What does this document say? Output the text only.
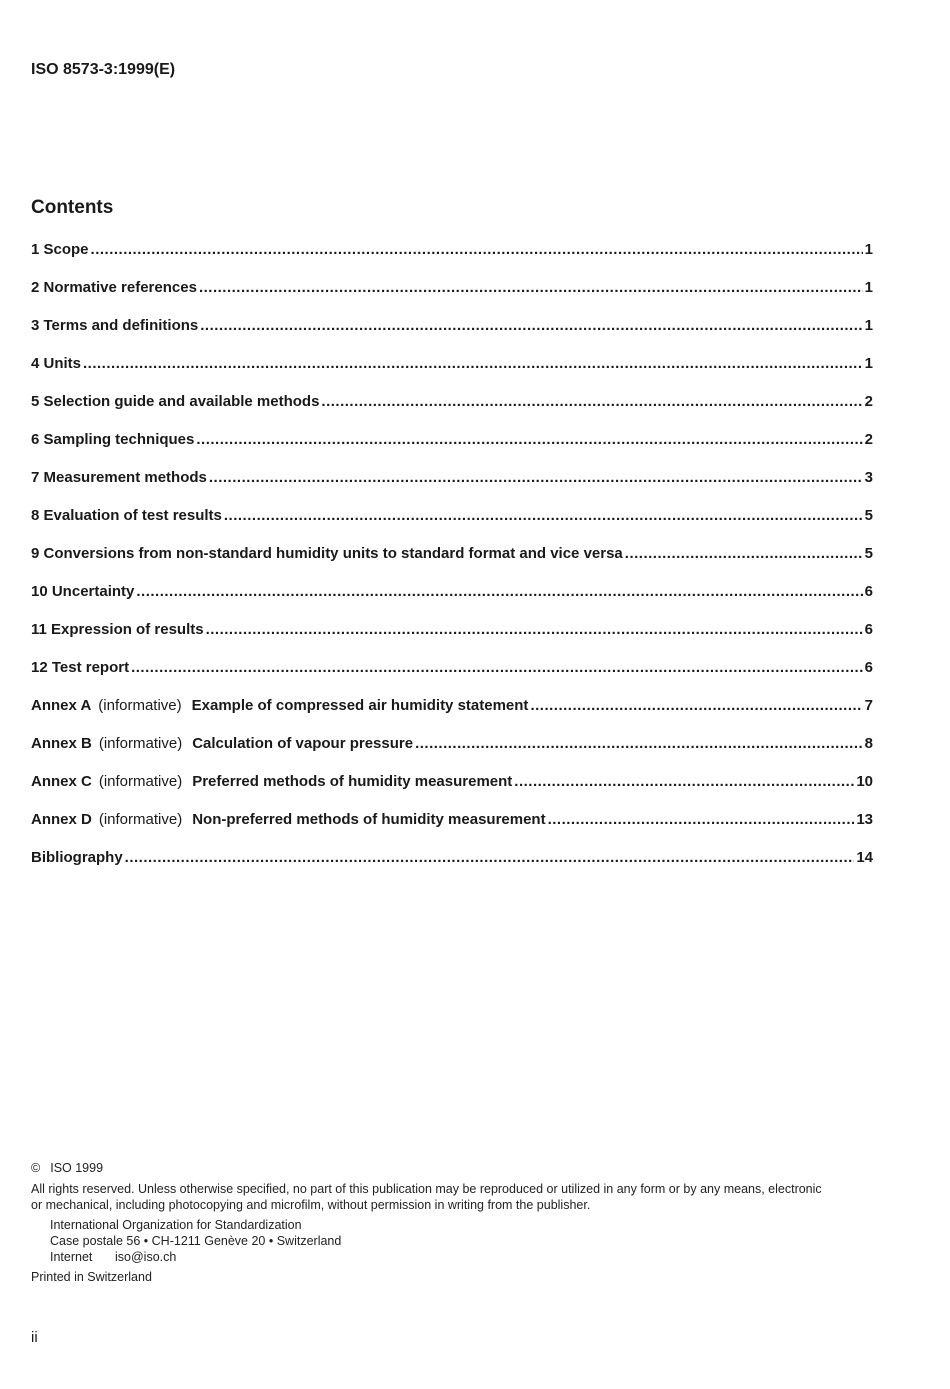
ISO 8573-3:1999(E)
Contents
1 Scope .....	1
2 Normative references .....	1
3 Terms and definitions .....	1
4 Units .....	1
5 Selection guide and available methods .....	2
6 Sampling techniques .....	2
7 Measurement methods .....	3
8 Evaluation of test results .....	5
9 Conversions from non-standard humidity units to standard format and vice versa .....	5
10 Uncertainty .....	6
11 Expression of results .....	6
12 Test report .....	6
Annex A (informative) Example of compressed air humidity statement .....	7
Annex B (informative) Calculation of vapour pressure .....	8
Annex C (informative) Preferred methods of humidity measurement .....	10
Annex D (informative) Non-preferred methods of humidity measurement .....	13
Bibliography .....	14
© ISO 1999
All rights reserved. Unless otherwise specified, no part of this publication may be reproduced or utilized in any form or by any means, electronic
or mechanical, including photocopying and microfilm, without permission in writing from the publisher.
International Organization for Standardization
Case postale 56 • CH-1211 Genève 20 • Switzerland
Internet iso@iso.ch
Printed in Switzerland
ii
